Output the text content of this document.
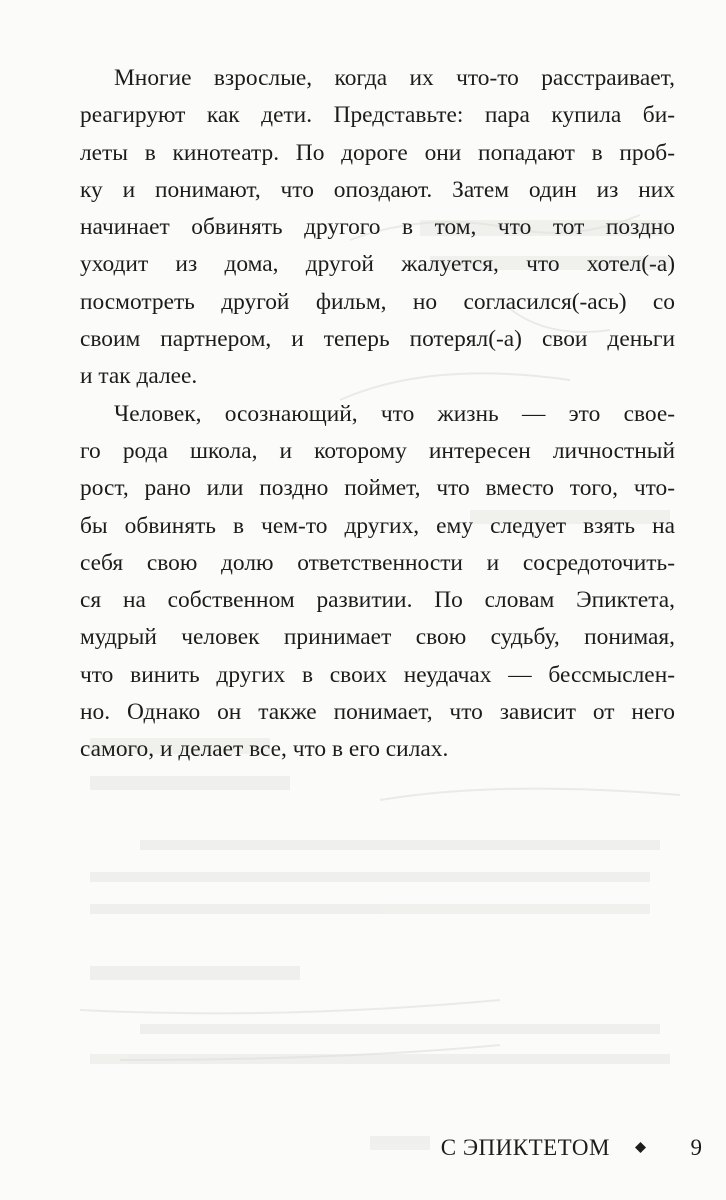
Многие взрослые, когда их что-то расстраивает,
реагируют как дети. Представьте: пара купила би-
леты в кинотеатр. По дороге они попадают в проб-
ку и понимают, что опоздают. Затем один из них
начинает обвинять другого в том, что тот поздно
уходит из дома, другой жалуется, что хотел(-а)
посмотреть другой фильм, но согласился(-ась) со
своим партнером, и теперь потерял(-а) свои деньги
и так далее.
Человек, осознающий, что жизнь — это свое-
го рода школа, и которому интересен личностный
рост, рано или поздно поймет, что вместо того, что-
бы обвинять в чем-то других, ему следует взять на
себя свою долю ответственности и сосредоточить-
ся на собственном развитии. По словам Эпиктета,
мудрый человек принимает свою судьбу, понимая,
что винить других в своих неудачах — бессмыслен-
но. Однако он также понимает, что зависит от него
самого, и делает все, что в его силах.
С ЭПИКТЕТОМ	9
